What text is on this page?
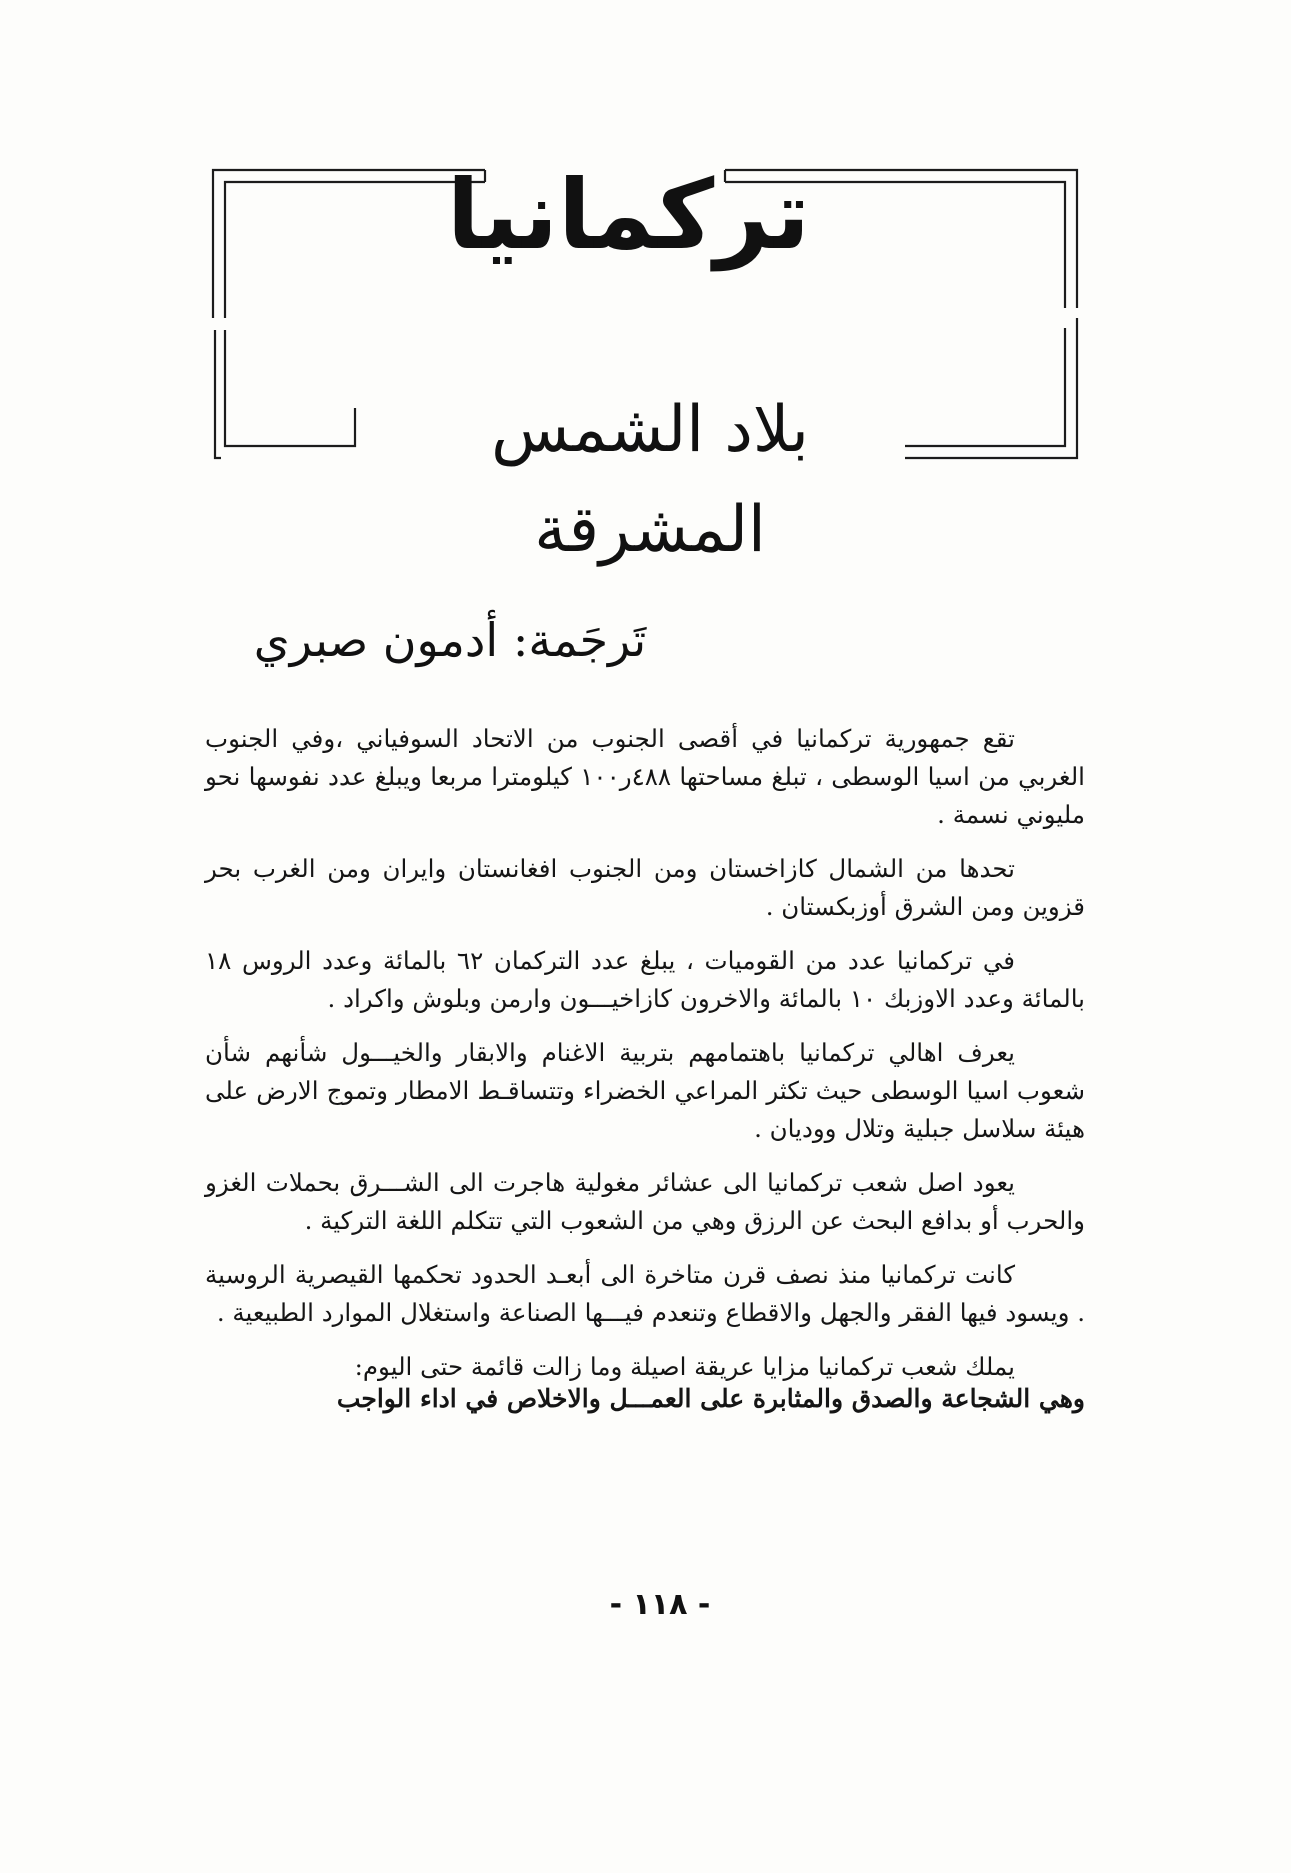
تركمانيا
بلاد الشمس المشرقة
تَرجَمة: أدمون صبري

تقع جمهورية تركمانيا في أقصى الجنوب من الاتحاد السوفياني ،وفي الجنوب الغربي من اسيا الوسطى ، تبلغ مساحتها ٤٨٨ر١٠٠ كيلومترا مربعا ويبلغ عدد نفوسها نحو مليوني نسمة .

تحدها من الشمال كازاخستان ومن الجنوب افغانستان وايران ومن الغرب بحر قزوين ومن الشرق أوزبكستان .

في تركمانيا عدد من القوميات ، يبلغ عدد التركمان ٦٢ بالمائة وعدد الروس ١٨ بالمائة وعدد الاوزبك ١٠ بالمائة والاخرون كازاخيـــون وارمن وبلوش واكراد .

يعرف اهالي تركمانيا باهتمامهم بتربية الاغنام والابقار والخيـــول شأنهم شأن شعوب اسيا الوسطى حيث تكثر المراعي الخضراء وتتساقـط الامطار وتموج الارض على هيئة سلاسل جبلية وتلال ووديان .

يعود اصل شعب تركمانيا الى عشائر مغولية هاجرت الى الشـــرق بحملات الغزو والحرب أو بدافع البحث عن الرزق وهي من الشعوب التي تتكلم اللغة التركية .

كانت تركمانيا منذ نصف قرن متاخرة الى أبعـد الحدود تحكمها القيصرية الروسية . ويسود فيها الفقر والجهل والاقطاع وتنعدم فيـــها الصناعة واستغلال الموارد الطبيعية .

يملك شعب تركمانيا مزايا عريقة اصيلة وما زالت قائمة حتى اليوم:

وهي الشجاعة والصدق والمثابرة على العمـــل والاخلاص في اداء الواجب

- ١١٨ -
